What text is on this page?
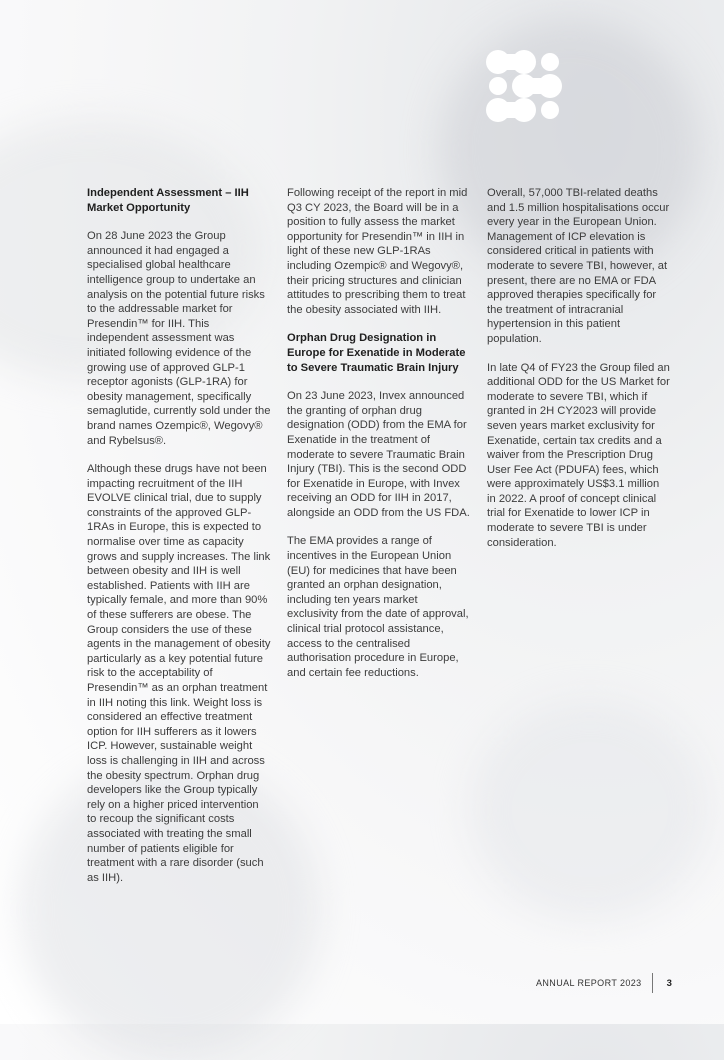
Independent Assessment – IIH Market Opportunity

On 28 June 2023 the Group announced it had engaged a specialised global healthcare intelligence group to undertake an analysis on the potential future risks to the addressable market for Presendin™ for IIH. This independent assessment was initiated following evidence of the growing use of approved GLP-1 receptor agonists (GLP-1RA) for obesity management, specifically semaglutide, currently sold under the brand names Ozempic®, Wegovy® and Rybelsus®.

Although these drugs have not been impacting recruitment of the IIH EVOLVE clinical trial, due to supply constraints of the approved GLP-1RAs in Europe, this is expected to normalise over time as capacity grows and supply increases. The link between obesity and IIH is well established. Patients with IIH are typically female, and more than 90% of these sufferers are obese. The Group considers the use of these agents in the management of obesity particularly as a key potential future risk to the acceptability of Presendin™ as an orphan treatment in IIH noting this link. Weight loss is considered an effective treatment option for IIH sufferers as it lowers ICP. However, sustainable weight loss is challenging in IIH and across the obesity spectrum. Orphan drug developers like the Group typically rely on a higher priced intervention to recoup the significant costs associated with treating the small number of patients eligible for treatment with a rare disorder (such as IIH).

Following receipt of the report in mid Q3 CY 2023, the Board will be in a position to fully assess the market opportunity for Presendin™ in IIH in light of these new GLP-1RAs including Ozempic® and Wegovy®, their pricing structures and clinician attitudes to prescribing them to treat the obesity associated with IIH.

Orphan Drug Designation in Europe for Exenatide in Moderate to Severe Traumatic Brain Injury

On 23 June 2023, Invex announced the granting of orphan drug designation (ODD) from the EMA for Exenatide in the treatment of moderate to severe Traumatic Brain Injury (TBI). This is the second ODD for Exenatide in Europe, with Invex receiving an ODD for IIH in 2017, alongside an ODD from the US FDA.

The EMA provides a range of incentives in the European Union (EU) for medicines that have been granted an orphan designation, including ten years market exclusivity from the date of approval, clinical trial protocol assistance, access to the centralised authorisation procedure in Europe, and certain fee reductions.

Overall, 57,000 TBI-related deaths and 1.5 million hospitalisations occur every year in the European Union. Management of ICP elevation is considered critical in patients with moderate to severe TBI, however, at present, there are no EMA or FDA approved therapies specifically for the treatment of intracranial hypertension in this patient population.

In late Q4 of FY23 the Group filed an additional ODD for the US Market for moderate to severe TBI, which if granted in 2H CY2023 will provide seven years market exclusivity for Exenatide, certain tax credits and a waiver from the Prescription Drug User Fee Act (PDUFA) fees, which were approximately US$3.1 million in 2022. A proof of concept clinical trial for Exenatide to lower ICP in moderate to severe TBI is under consideration.

ANNUAL REPORT 2023	3
